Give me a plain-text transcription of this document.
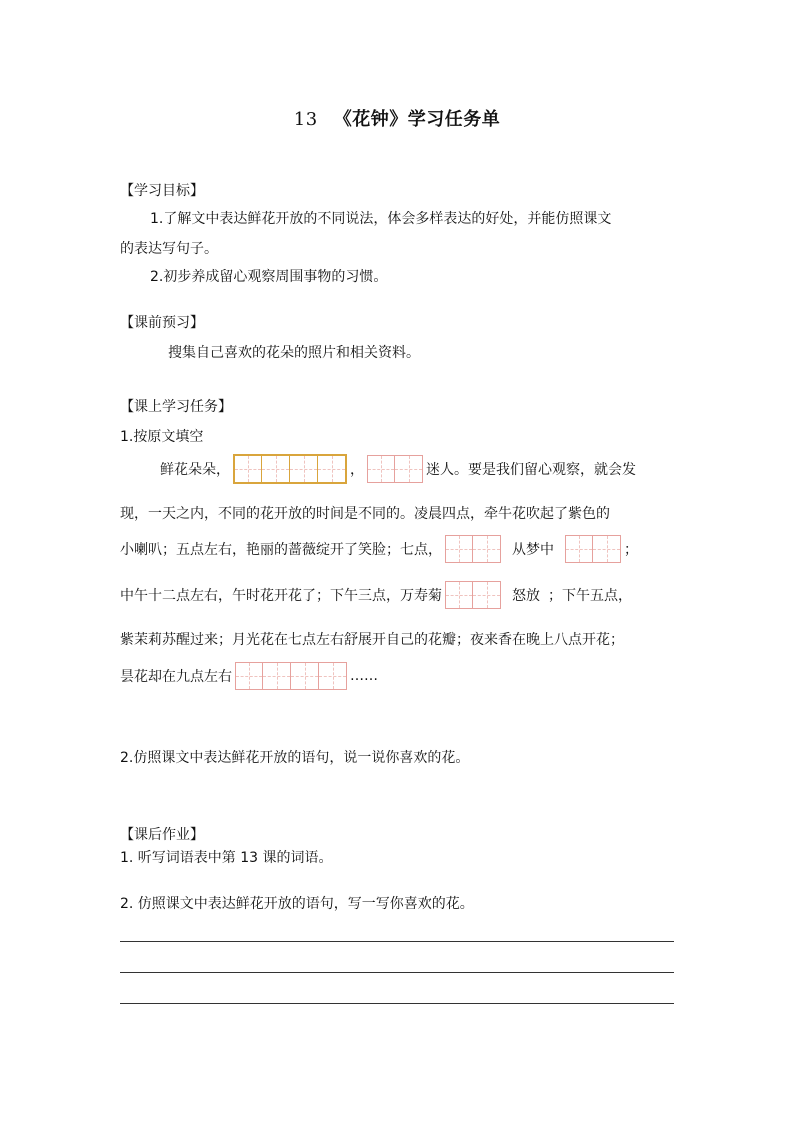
13 《花钟》学习任务单
【学习目标】
1.了解文中表达鲜花开放的不同说法，体会多样表达的好处，并能仿照课文
的表达写句子。
2.初步养成留心观察周围事物的习惯。
【课前预习】
搜集自己喜欢的花朵的照片和相关资料。
【课上学习任务】
1.按原文填空
鲜花朵朵，	，	迷人。要是我们留心观察，就会发
现，一天之内，不同的花开放的时间是不同的。凌晨四点，牵牛花吹起了紫色的
小喇叭；五点左右，艳丽的蔷薇绽开了笑脸；七点，	从梦中	；
中午十二点左右，午时花开花了；下午三点，万寿菊	怒放 ；下午五点，
紫茉莉苏醒过来；月光花在七点左右舒展开自己的花瓣；夜来香在晚上八点开花；
昙花却在九点左右	……
2.仿照课文中表达鲜花开放的语句，说一说你喜欢的花。
【课后作业】
1. 听写词语表中第 13 课的词语。
2. 仿照课文中表达鲜花开放的语句，写一写你喜欢的花。
